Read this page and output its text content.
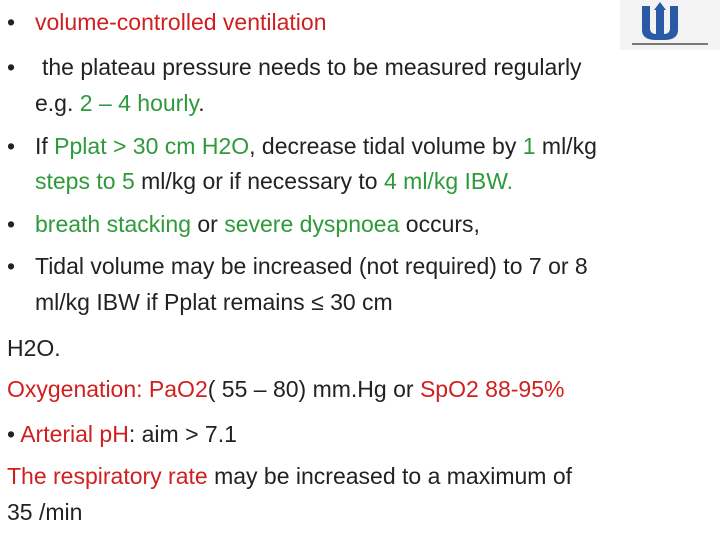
• volume-controlled ventilation
• the plateau pressure needs to be measured regularly
e.g. 2 – 4 hourly.
• If Pplat > 30 cm H2O, decrease tidal volume by 1 ml/kg
steps to 5 ml/kg or if necessary to 4 ml/kg IBW.
• breath stacking or severe dyspnoea occurs,
• Tidal volume may be increased (not required) to 7 or 8
ml/kg IBW if Pplat remains ≤ 30 cm
H2O.
Oxygenation: PaO2( 55 – 80) mm.Hg or SpO2 88-95%
• Arterial pH: aim > 7.1
The respiratory rate may be increased to a maximum of
35 /min
